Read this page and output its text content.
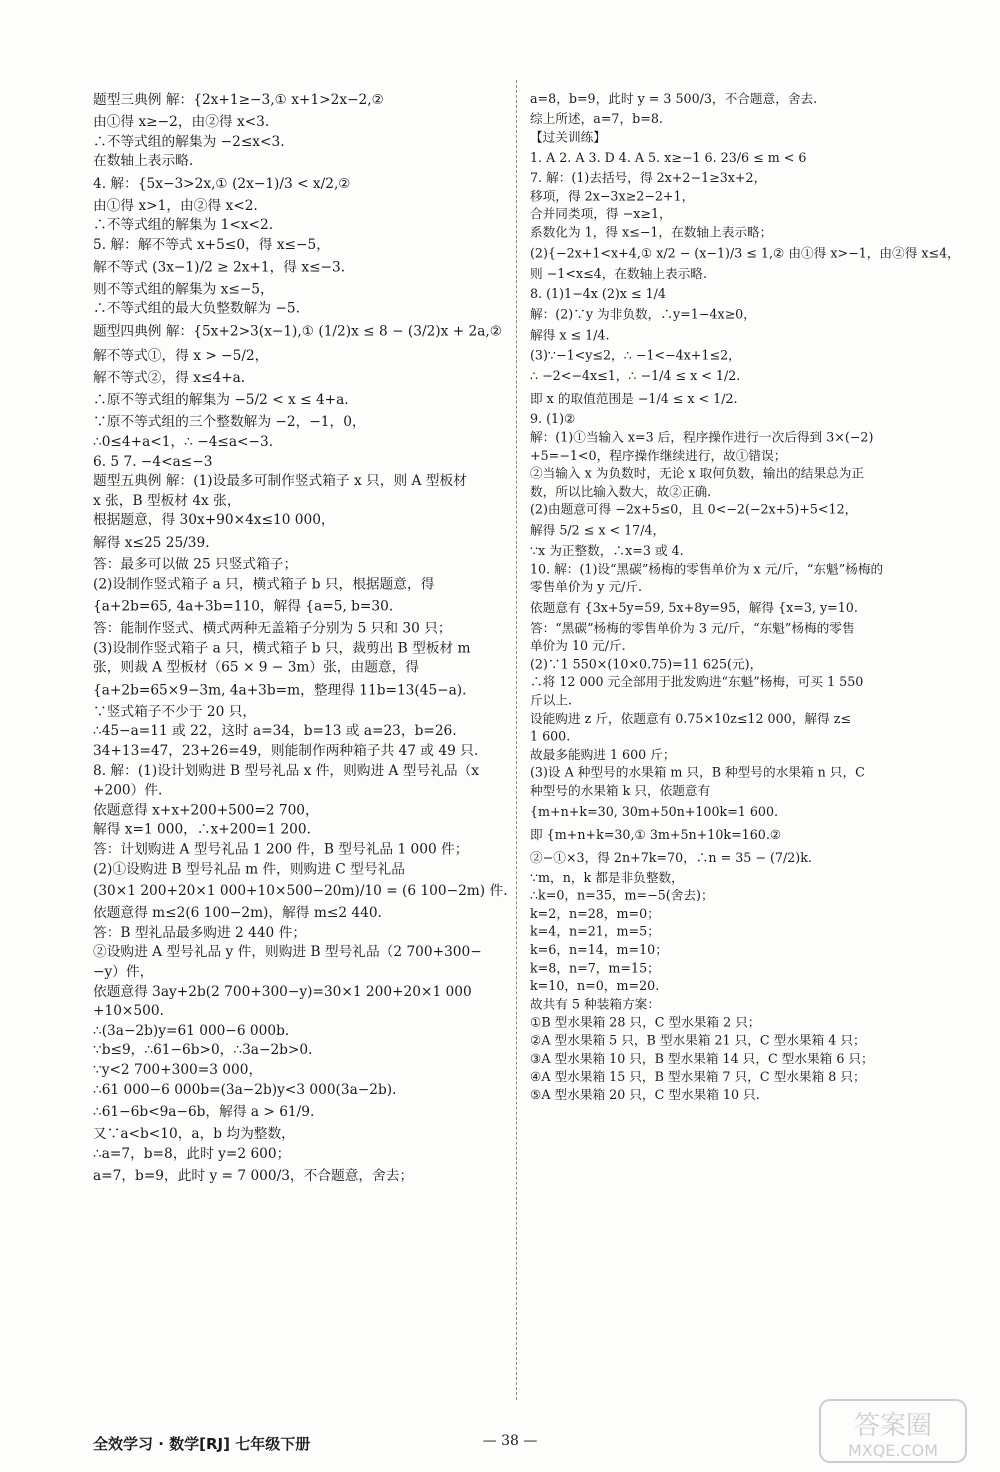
题型三典例 解：{2x+1≥−3,① x+1>2x−2,②
由①得 x≥−2，由②得 x<3.
∴不等式组的解集为 −2≤x<3.
在数轴上表示略.
4. 解：{5x−3>2x,① (2x−1)/3 < x/2,②
由①得 x>1，由②得 x<2.
∴不等式组的解集为 1<x<2.
5. 解：解不等式 x+5≤0，得 x≤−5，
解不等式 (3x−1)/2 ≥ 2x+1，得 x≤−3.
则不等式组的解集为 x≤−5，
∴不等式组的最大负整数解为 −5.
题型四典例 解：{5x+2>3(x−1),① (1/2)x ≤ 8 − (3/2)x + 2a,②
解不等式①，得 x > −5/2，
解不等式②，得 x≤4+a.
∴原不等式组的解集为 −5/2 < x ≤ 4+a.
∵原不等式组的三个整数解为 −2，−1，0，
∴0≤4+a<1，∴ −4≤a<−3.
6. 5 7. −4<a≤−3
题型五典例 解：(1)设最多可制作竖式箱子 x 只，则 A 型板材
x 张，B 型板材 4x 张，
根据题意，得 30x+90×4x≤10 000，
解得 x≤25 25/39.
答：最多可以做 25 只竖式箱子；
(2)设制作竖式箱子 a 只，横式箱子 b 只，根据题意，得
{a+2b=65, 4a+3b=110，解得 {a=5, b=30.
答：能制作竖式、横式两种无盖箱子分别为 5 只和 30 只；
(3)设制作竖式箱子 a 只，横式箱子 b 只，裁剪出 B 型板材 m
张，则裁 A 型板材（65 × 9 − 3m）张，由题意，得
{a+2b=65×9−3m, 4a+3b=m，整理得 11b=13(45−a).
∵竖式箱子不少于 20 只，
∴45−a=11 或 22，这时 a=34，b=13 或 a=23，b=26.
34+13=47，23+26=49，则能制作两种箱子共 47 或 49 只.
8. 解：(1)设计划购进 B 型号礼品 x 件，则购进 A 型号礼品（x
+200）件.
依题意得 x+x+200+500=2 700，
解得 x=1 000，∴x+200=1 200.
答：计划购进 A 型号礼品 1 200 件，B 型号礼品 1 000 件；
(2)①设购进 B 型号礼品 m 件，则购进 C 型号礼品
(30×1 200+20×1 000+10×500−20m)/10 = (6 100−2m) 件.
依题意得 m≤2(6 100−2m)，解得 m≤2 440.
答：B 型礼品最多购进 2 440 件；
②设购进 A 型号礼品 y 件，则购进 B 型号礼品（2 700+300−
−y）件，
依题意得 3ay+2b(2 700+300−y)=30×1 200+20×1 000
+10×500.
∴(3a−2b)y=61 000−6 000b.
∵b≤9，∴61−6b>0，∴3a−2b>0.
∵y<2 700+300=3 000，
∴61 000−6 000b=(3a−2b)y<3 000(3a−2b).
∴61−6b<9a−6b，解得 a > 61/9.
又∵a<b<10，a，b 均为整数，
∴a=7，b=8，此时 y=2 600；
a=7，b=9，此时 y = 7 000/3，不合题意，舍去；
a=8，b=9，此时 y = 3 500/3，不合题意，舍去.
综上所述，a=7，b=8.
【过关训练】
1. A 2. A 3. D 4. A 5. x≥−1 6. 23/6 ≤ m < 6
7. 解：(1)去括号，得 2x+2−1≥3x+2，
移项，得 2x−3x≥2−2+1，
合并同类项，得 −x≥1，
系数化为 1，得 x≤−1，在数轴上表示略；
(2){−2x+1<x+4,① x/2 − (x−1)/3 ≤ 1,② 由①得 x>−1，由②得 x≤4，
则 −1<x≤4，在数轴上表示略.
8. (1)1−4x (2)x ≤ 1/4
解：(2)∵y 为非负数，∴y=1−4x≥0，
解得 x ≤ 1/4.
(3)∵−1<y≤2，∴ −1<−4x+1≤2，
∴ −2<−4x≤1，∴ −1/4 ≤ x < 1/2.
即 x 的取值范围是 −1/4 ≤ x < 1/2.
9. (1)②
解：(1)①当输入 x=3 后，程序操作进行一次后得到 3×(−2)
+5=−1<0，程序操作继续进行，故①错误；
②当输入 x 为负数时，无论 x 取何负数，输出的结果总为正
数，所以比输入数大，故②正确.
(2)由题意可得 −2x+5≤0，且 0<−2(−2x+5)+5<12，
解得 5/2 ≤ x < 17/4，
∵x 为正整数，∴x=3 或 4.
10. 解：(1)设“黑碳”杨梅的零售单价为 x 元/斤，“东魁”杨梅的
零售单价为 y 元/斤.
依题意有 {3x+5y=59, 5x+8y=95，解得 {x=3, y=10.
答：“黑碳”杨梅的零售单价为 3 元/斤，“东魁”杨梅的零售
单价为 10 元/斤.
(2)∵1 550×(10×0.75)=11 625(元)，
∴将 12 000 元全部用于批发购进“东魁”杨梅，可买 1 550
斤以上.
设能购进 z 斤，依题意有 0.75×10z≤12 000，解得 z≤
1 600.
故最多能购进 1 600 斤；
(3)设 A 种型号的水果箱 m 只，B 种型号的水果箱 n 只，C
种型号的水果箱 k 只，依题意有
{m+n+k=30, 30m+50n+100k=1 600.
即 {m+n+k=30,① 3m+5n+10k=160.②
②−①×3，得 2n+7k=70，∴n = 35 − (7/2)k.
∵m，n，k 都是非负整数，
∴k=0，n=35，m=−5(舍去)；
k=2，n=28，m=0；
k=4，n=21，m=5；
k=6，n=14，m=10；
k=8，n=7，m=15；
k=10，n=0，m=20.
故共有 5 种装箱方案：
①B 型水果箱 28 只，C 型水果箱 2 只；
②A 型水果箱 5 只，B 型水果箱 21 只，C 型水果箱 4 只；
③A 型水果箱 10 只，B 型水果箱 14 只，C 型水果箱 6 只；
④A 型水果箱 15 只，B 型水果箱 7 只，C 型水果箱 8 只；
⑤A 型水果箱 20 只，C 型水果箱 10 只.
全效学习 · 数学[RJ] 七年级下册	— 38 —	答案圈
MXQE.COM
